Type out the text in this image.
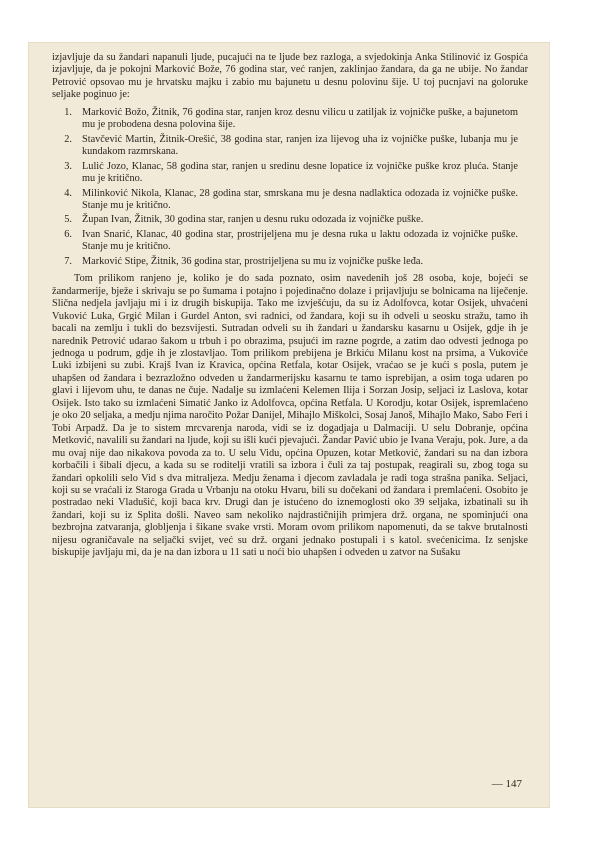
izjavljuje da su žandari napanuli ljude, pucajući na te ljude bez razloga, a svjedokinja Anka Stilinović iz Gospića izjavljuje, da je pokojni Marković Bože, 76 godina star, već ranjen, zaklinjao žandara, da ga ne ubije. No žandar Petrović opsovao mu je hrvatsku majku i zabio mu bajunetu u desnu polovinu šije. U toj pucnjavi na golorukе seljake poginuo je:

1. Marković Božo, Žitnik, 76 godina star, ranjen kroz desnu vilicu u zatiljak iz vojničke puške, a bajunetom mu je probodena desna polovina šije.
2. Stavčević Martin, Žitnik-Orešić, 38 godina star, ranjen iza lijevog uha iz vojničke puške, lubanja mu je kundakom razmrskana.
3. Lulić Jozo, Klanac, 58 godina star, ranjen u sredinu desne lopatice iz vojničke puške kroz pluća. Stanje mu je kritično.
4. Milinković Nikola, Klanac, 28 godina star, smrskana mu je desna nadlaktica odozada iz vojničke puške. Stanje mu je kritično.
5. Župan Ivan, Žitnik, 30 godina star, ranjen u desnu ruku odozada iz vojničke puške.
6. Ivan Snarić, Klanac, 40 godina star, prostrijeljena mu je desna ruka u laktu odozada iz vojničke puške. Stanje mu je kritično.
7. Marković Stipe, Žitnik, 36 godina star, prostrijeljena su mu iz vojničke puške leđa.

Tom prilikom ranjeno je, koliko je do sada poznato, osim navedenih još 28 osoba, koje, bojeći se žandarmerije, bježe i skrivaju se po šumama i potajno i pojedinačno dolaze i prijavljuju se bolnicama na liječenje. Slična nedjela javljaju mi i iz drugih biskupija. Tako me izvješćuju, da su iz Adolfovca, kotar Osijek, uhvaćeni Vuković Luka, Grgić Milan i Gurdel Anton, svi radnici, od žandara, koji su ih odveli u seosku stražu, tamo ih bacali na zemlju i tukli do bezsvijesti. Sutradan odveli su ih žandari u žandarsku kasarnu u Osijek, gdje ih je narednik Petrović udarao šakom u trbuh i po obrazima, psujući im razne pogrde, a zatim dao odvesti jednoga po jednoga u podrum, gdje ih je zlostavljao. Tom prilikom prebijena je Brkiću Milanu kost na prsima, a Vukoviće Luki izbijeni su zubi. Krajš Ivan iz Kravica, općina Retfala, kotar Osijek, vraćao se je kući s posla, putem je uhapšen od žandara i bezrazložno odveden u žandarmerijsku kasarnu te tamo isprebijan, a osim toga udaren po glavi i lijevom uhu, te danas ne čuje. Nadalje su izmlaćeni Kelemen Ilija i Sorzan Josip, seljaci iz Laslova, kotar Osijek. Isto tako su izmlaćeni Simatić Janko iz Adolfovca, općina Retfala. U Korodju, kotar Osijek, ispremlaćeno je oko 20 seljaka, a medju njima naročito Požar Danijel, Mihajlo Miškolci, Sosaj Janoš, Mihajlo Mako, Sabo Feri i Tobi Arpadž. Da je to sistem mrcvarenja naroda, vidi se iz dogadjaja u Dalmaciji. U selu Dobranje, općina Metković, navalili su žandari na ljude, koji su išli kući pjevajući. Žandar Pavić ubio je Ivana Veraju, pok. Jure, a da mu ovaj nije dao nikakova povoda za to. U selu Vidu, općina Opuzen, kotar Metković, žandari su na dan izbora korbačili i šibali djecu, a kada su se roditelji vratili sa izbora i čuli za taj postupak, reagirali su, zbog toga su žandari opkolili selo Vid s dva mitraljeza. Medju ženama i djecom zavladala je radi toga strašna panika. Seljaci, koji su se vraćali iz Staroga Grada u Vrbanju na otoku Hvaru, bili su dočekani od žandara i premlaćeni. Osobito je postradao neki Vladušić, koji baca krv. Drugi dan je istućeno do iznemoglosti oko 39 seljaka, izbatinali su ih žandari, koji su iz Splita došli. Naveo sam nekoliko najdrastičnijih primjera drž. organa, ne spominjući ona bezbrojna zatvaranja, globljenja i šikane svake vrsti. Moram ovom prilikom napomenuti, da se takve brutalnosti nijesu ograničavale na seljački svijet, već su drž. organi jednako postupali i s katol. svećenicima. Iz senjske biskupije javljaju mi, da je na dan izbora u 11 sati u noći bio uhapšen i odveden u zatvor na Sušaku

— 147
